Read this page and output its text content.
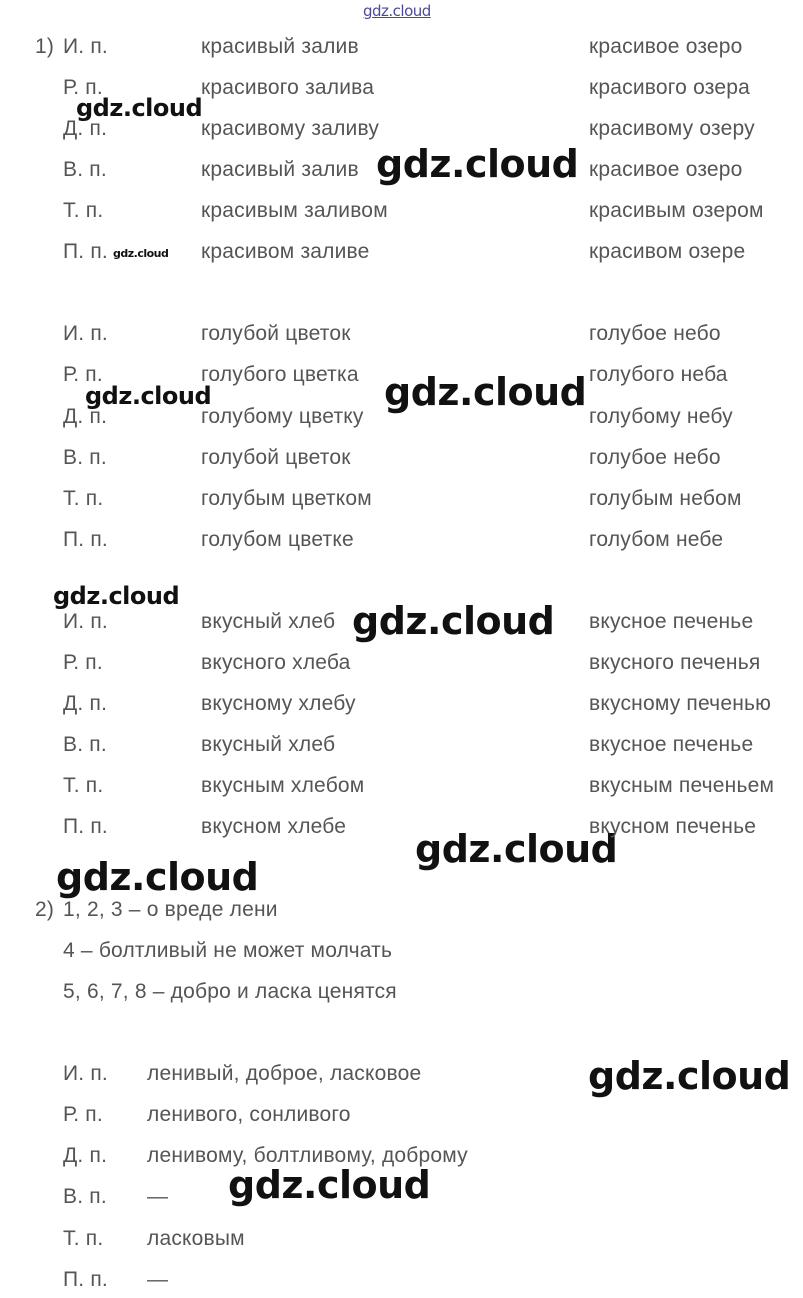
gdz.cloud
gdz.cloud
gdz.cloud
gdz.cloud
gdz.cloud	gdz.cloud
gdz.cloud
gdz.cloud
gdz.cloud
gdz.cloud
gdz.cloud
gdz.cloud
1) И. п.	красивый залив	красивое озеро
Р. п.	красивого залива	красивого озера
Д. п.	красивому заливу	красивому озеру
В. п.	красивый залив	красивое озеро
Т. п.	красивым заливом	красивым озером
П. п.	красивом заливе	красивом озере
И. п.	голубой цветок	голубое небо
Р. п.	голубого цветка	голубого неба
Д. п.	голубому цветку	голубому небу
В. п.	голубой цветок	голубое небо
Т. п.	голубым цветком	голубым небом
П. п.	голубом цветке	голубом небе
И. п.	вкусный хлеб	вкусное печенье
Р. п.	вкусного хлеба	вкусного печенья
Д. п.	вкусному хлебу	вкусному печенью
В. п.	вкусный хлеб	вкусное печенье
Т. п.	вкусным хлебом	вкусным печеньем
П. п.	вкусном хлебе	вкусном печенье
2) 1, 2, 3 – о вреде лени
4 – болтливый не может молчать
5, 6, 7, 8 – добро и ласка ценятся
И. п. ленивый, доброе, ласковое
Р. п. ленивого, сонливого
Д. п. ленивому, болтливому, доброму
В. п. —
Т. п. ласковым
П. п. —
